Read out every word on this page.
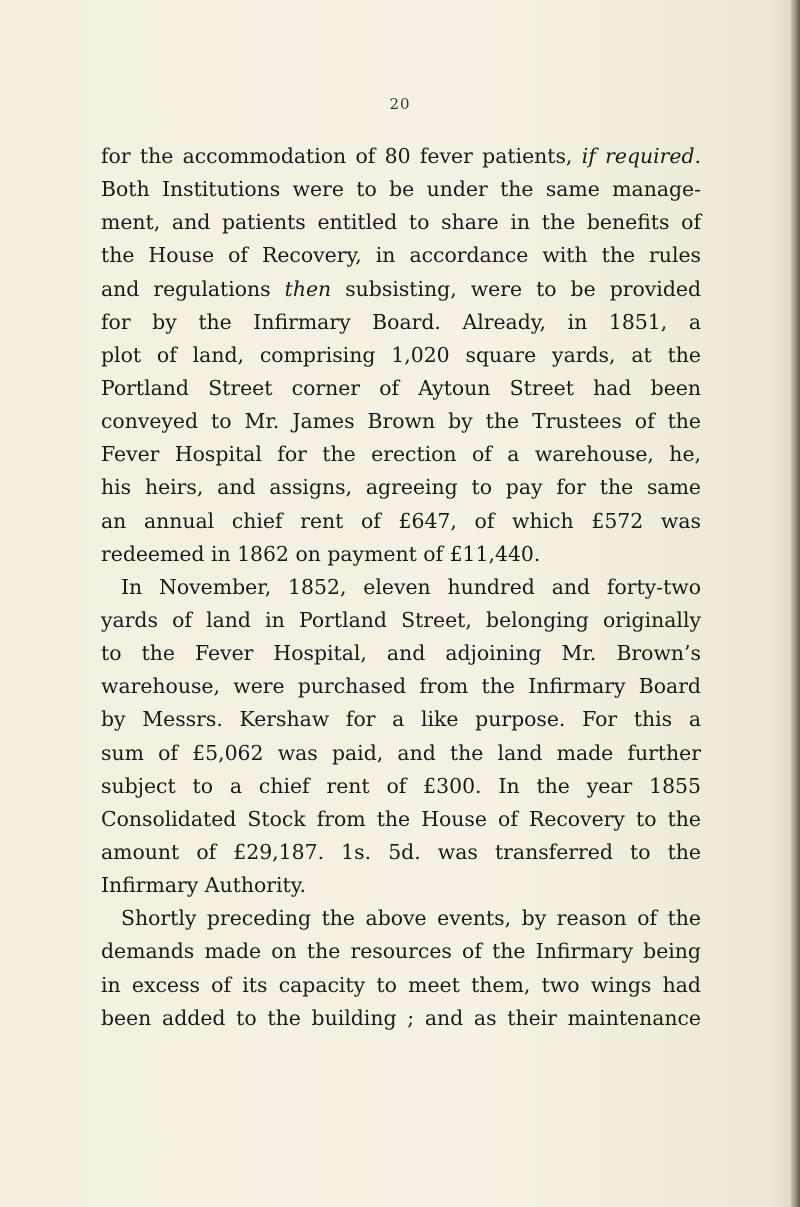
20
for the accommodation of 80 fever patients, if required.
Both Institutions were to be under the same manage-
ment, and patients entitled to share in the benefits of
the House of Recovery, in accordance with the rules
and regulations then subsisting, were to be provided
for by the Infirmary Board. Already, in 1851, a
plot of land, comprising 1,020 square yards, at the
Portland Street corner of Aytoun Street had been
conveyed to Mr. James Brown by the Trustees of the
Fever Hospital for the erection of a warehouse, he,
his heirs, and assigns, agreeing to pay for the same
an annual chief rent of £647, of which £572 was
redeemed in 1862 on payment of £11,440.
In November, 1852, eleven hundred and forty-two
yards of land in Portland Street, belonging originally
to the Fever Hospital, and adjoining Mr. Brown’s
warehouse, were purchased from the Infirmary Board
by Messrs. Kershaw for a like purpose. For this a
sum of £5,062 was paid, and the land made further
subject to a chief rent of £300. In the year 1855
Consolidated Stock from the House of Recovery to the
amount of £29,187. 1s. 5d. was transferred to the
Infirmary Authority.
Shortly preceding the above events, by reason of the
demands made on the resources of the Infirmary being
in excess of its capacity to meet them, two wings had
been added to the building ; and as their maintenance
